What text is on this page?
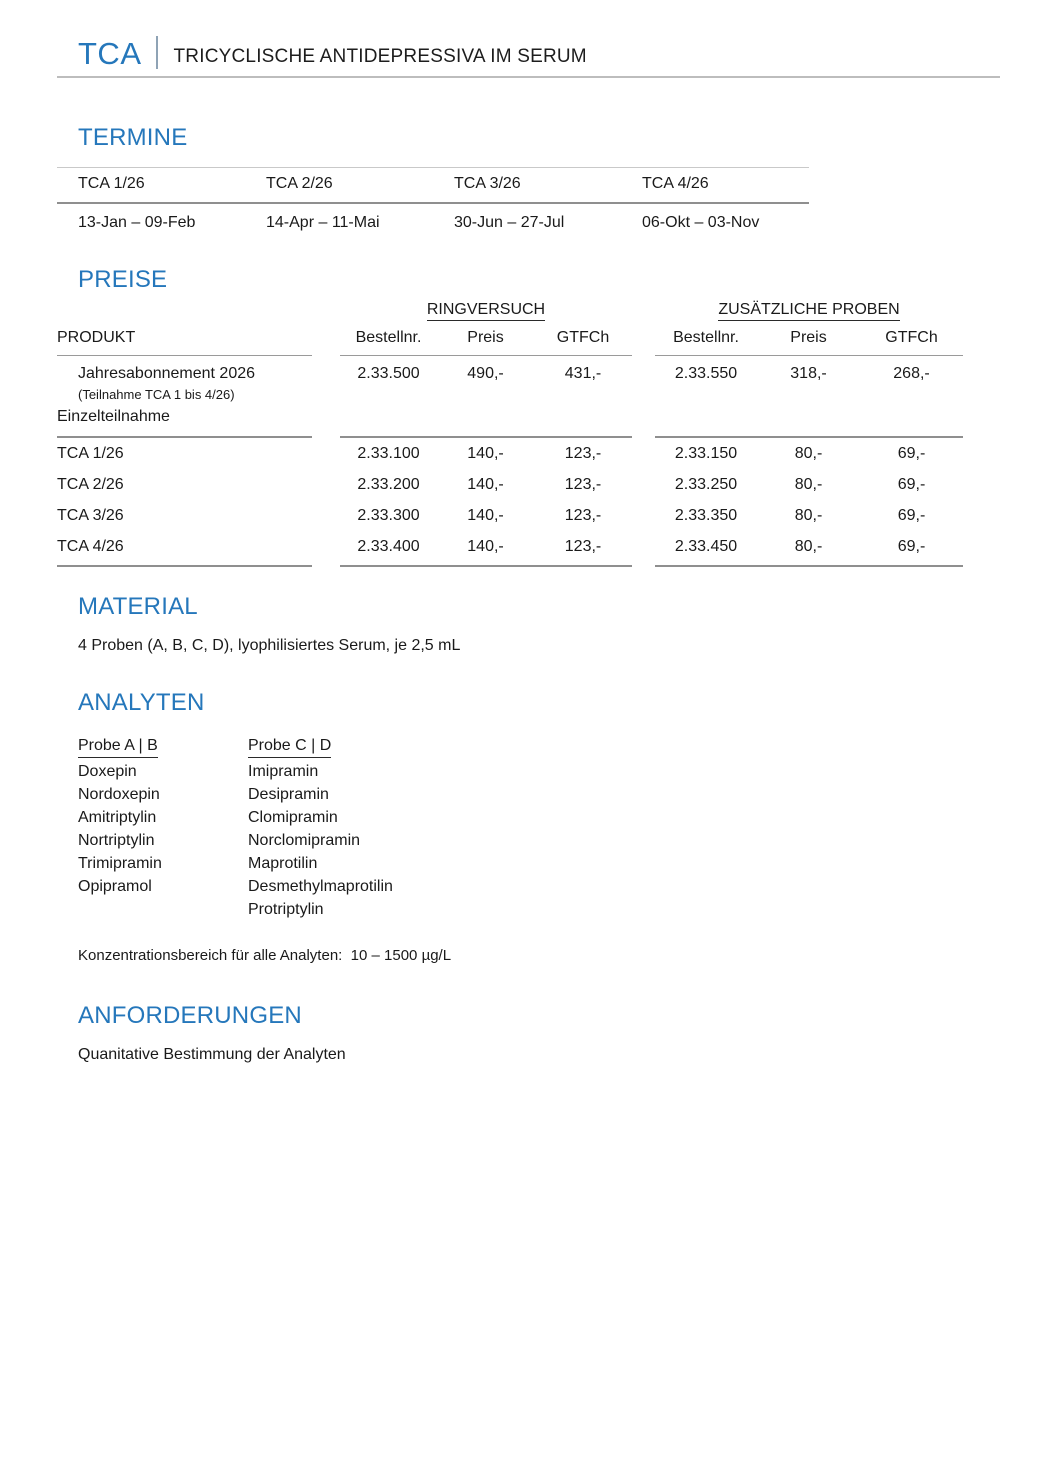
TCA TRICYCLISCHE ANTIDEPRESSIVA IM SERUM
TERMINE
TCA 1/26	TCA 2/26	TCA 3/26	TCA 4/26
13-Jan – 09-Feb	14-Apr – 11-Mai	30-Jun – 27-Jul	06-Okt – 03-Nov
PREISE
		RINGVERSUCH				ZUSÄTZLICHE PROBEN		
PRODUKT		Bestellnr.	Preis	GTFCh		Bestellnr.	Preis	GTFCh

Jahresabonnement 2026
(Teilnahme TCA 1 bis 4/26)		2.33.500	490,-	431,-		2.33.550	318,-	268,-
Einzelteilnahme								
TCA 1/26		2.33.100	140,-	123,-		2.33.150	80,-	69,-
TCA 2/26		2.33.200	140,-	123,-		2.33.250	80,-	69,-
TCA 3/26		2.33.300	140,-	123,-		2.33.350	80,-	69,-
TCA 4/26		2.33.400	140,-	123,-		2.33.450	80,-	69,-
MATERIAL
4 Proben (A, B, C, D), lyophilisiertes Serum, je 2,5 mL
ANALYTEN
Probe A | B
Doxepin
Nordoxepin
Amitriptylin
Nortriptylin
Trimipramin
Opipramol
Probe C | D
Imipramin
Desipramin
Clomipramin
Norclomipramin
Maprotilin
Desmethylmaprotilin
Protriptylin
Konzentrationsbereich für alle Analyten:  10 – 1500 µg/L
ANFORDERUNGEN
Quanitative Bestimmung der Analyten
